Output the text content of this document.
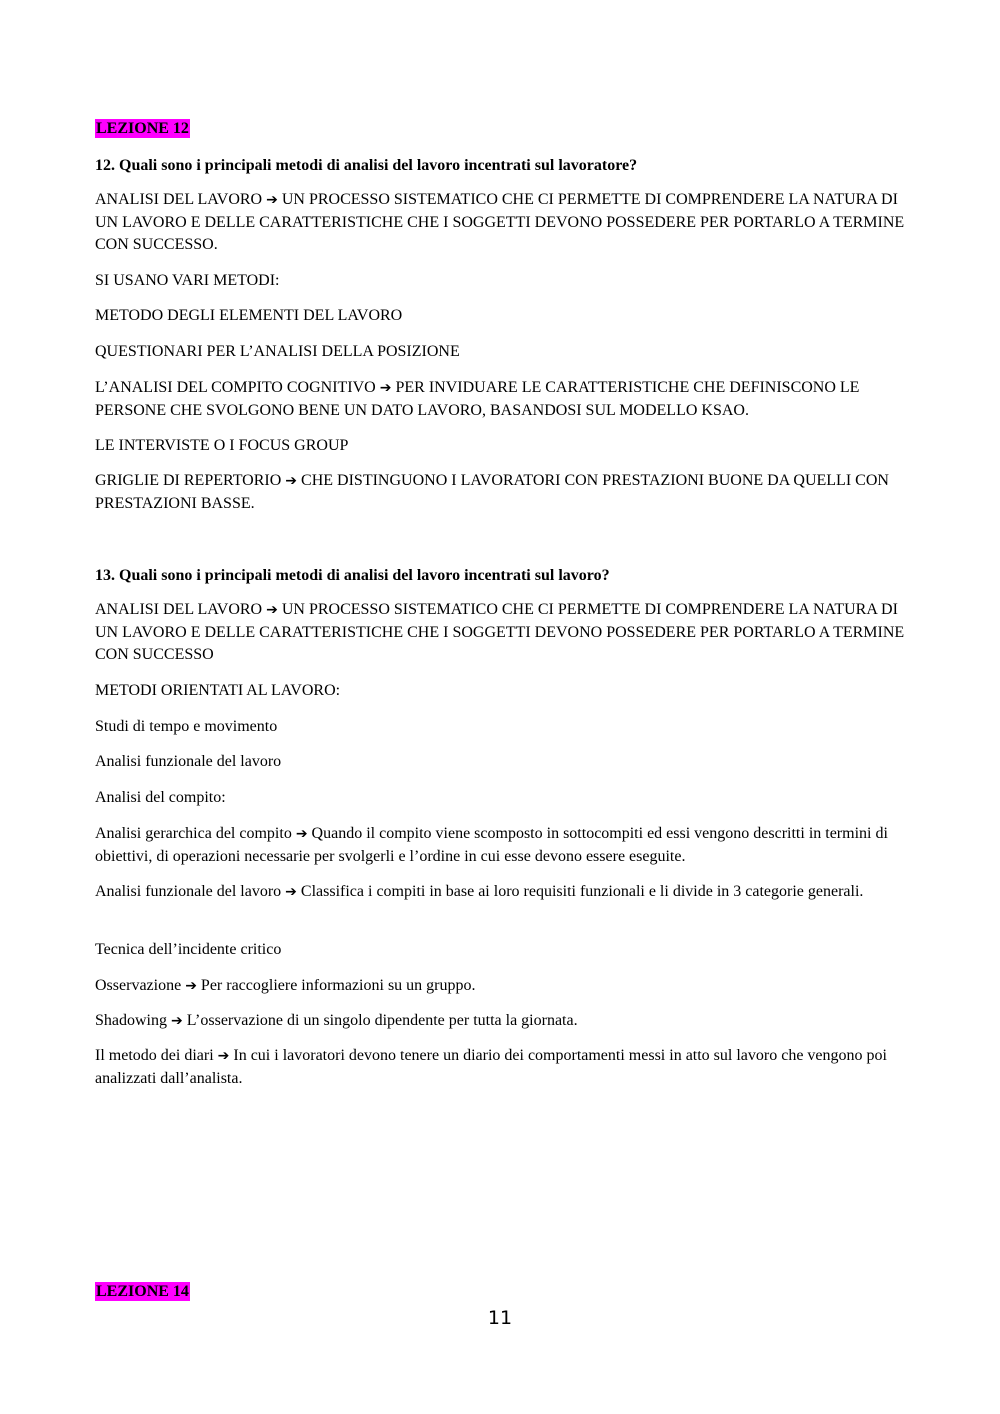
LEZIONE 12

12. Quali sono i principali metodi di analisi del lavoro incentrati sul lavoratore?

ANALISI DEL LAVORO ➔ UN PROCESSO SISTEMATICO CHE CI PERMETTE DI COMPRENDERE LA NATURA DI UN LAVORO E DELLE CARATTERISTICHE CHE I SOGGETTI DEVONO POSSEDERE PER PORTARLO A TERMINE CON SUCCESSO.

SI USANO VARI METODI:

METODO DEGLI ELEMENTI DEL LAVORO

QUESTIONARI PER L’ANALISI DELLA POSIZIONE

L’ANALISI DEL COMPITO COGNITIVO ➔ PER INVIDUARE LE CARATTERISTICHE CHE DEFINISCONO LE PERSONE CHE SVOLGONO BENE UN DATO LAVORO, BASANDOSI SUL MODELLO KSAO.

LE INTERVISTE O I FOCUS GROUP

GRIGLIE DI REPERTORIO ➔ CHE DISTINGUONO I LAVORATORI CON PRESTAZIONI BUONE DA QUELLI CON PRESTAZIONI BASSE.

13. Quali sono i principali metodi di analisi del lavoro incentrati sul lavoro?

ANALISI DEL LAVORO ➔ UN PROCESSO SISTEMATICO CHE CI PERMETTE DI COMPRENDERE LA NATURA DI UN LAVORO E DELLE CARATTERISTICHE CHE I SOGGETTI DEVONO POSSEDERE PER PORTARLO A TERMINE CON SUCCESSO

METODI ORIENTATI AL LAVORO:

Studi di tempo e movimento

Analisi funzionale del lavoro

Analisi del compito:

Analisi gerarchica del compito ➔ Quando il compito viene scomposto in sottocompiti ed essi vengono descritti in termini di obiettivi, di operazioni necessarie per svolgerli e l’ordine in cui esse devono essere eseguite.

Analisi funzionale del lavoro ➔ Classifica i compiti in base ai loro requisiti funzionali e li divide in 3 categorie generali.

Tecnica dell’incidente critico

Osservazione ➔ Per raccogliere informazioni su un gruppo.

Shadowing ➔ L’osservazione di un singolo dipendente per tutta la giornata.

Il metodo dei diari ➔ In cui i lavoratori devono tenere un diario dei comportamenti messi in atto sul lavoro che vengono poi analizzati dall’analista.

LEZIONE 14
11
